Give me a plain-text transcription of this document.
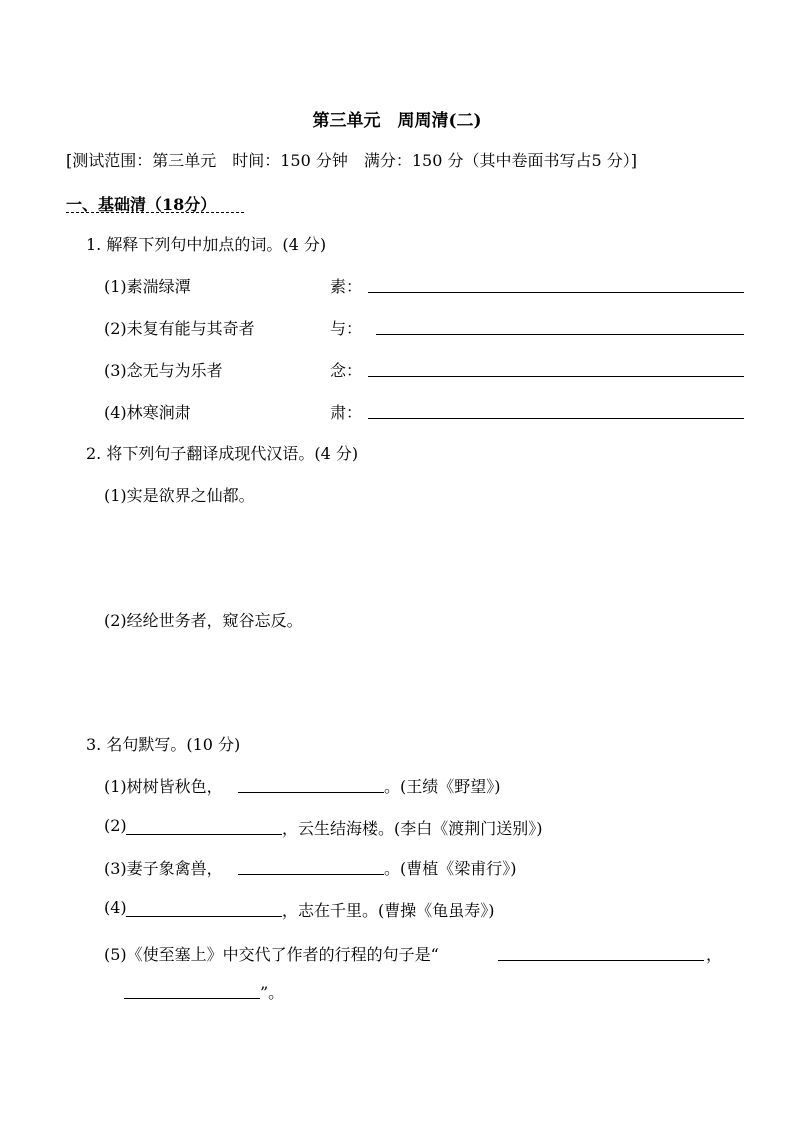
第三单元　周周清(二)
[测试范围：第三单元　时间：150 分钟　满分：150 分（其中卷面书写占5 分）]
一、基础清（18分）
1. 解释下列句中加点的词。(4 分)
(1)素湍绿潭	素：
(2)未复有能与其奇者	与：
(3)念无与为乐者	念：
(4)林寒涧肃	肃：
2. 将下列句子翻译成现代汉语。(4 分)
(1)实是欲界之仙都。
(2)经纶世务者，窥谷忘反。
3. 名句默写。(10 分)
(1)树树皆秋色，	。(王绩《野望》)
(2)	，云生结海楼。(李白《渡荆门送别》)
(3)妻子象禽兽，	。(曹植《梁甫行》)
(4)	，志在千里。(曹操《龟虽寿》)
(5)《使至塞上》中交代了作者的行程的句子是“	，
”。
